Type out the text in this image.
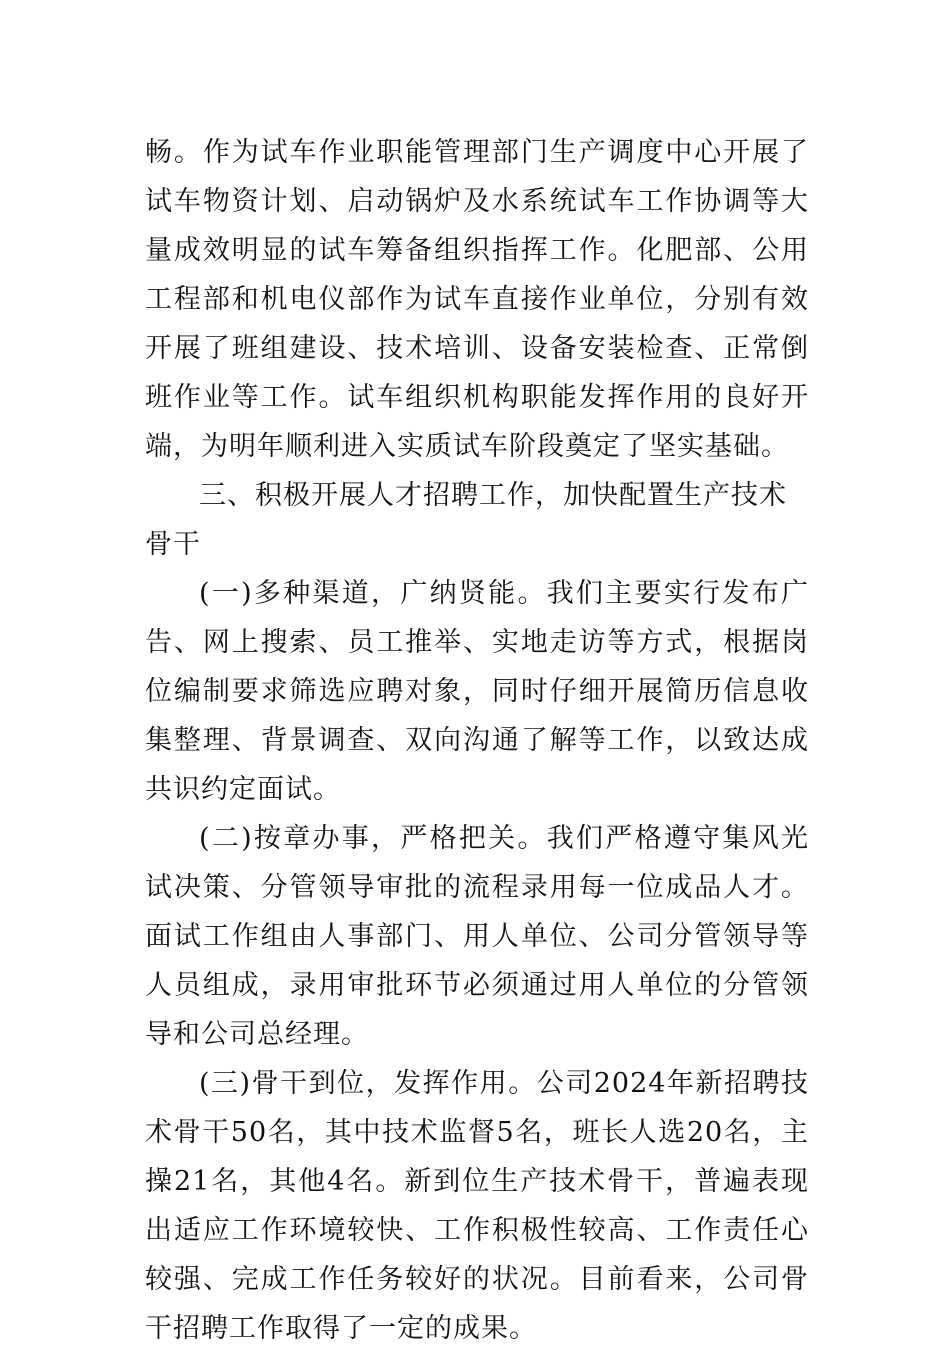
畅。作为试车作业职能管理部门生产调度中心开展了试车物资计划、启动锅炉及水系统试车工作协调等大量成效明显的试车筹备组织指挥工作。化肥部、公用工程部和机电仪部作为试车直接作业单位，分别有效开展了班组建设、技术培训、设备安装检查、正常倒班作业等工作。试车组织机构职能发挥作用的良好开端，为明年顺利进入实质试车阶段奠定了坚实基础。

三、积极开展人才招聘工作，加快配置生产技术骨干

(一)多种渠道，广纳贤能。我们主要实行发布广告、网上搜索、员工推举、实地走访等方式，根据岗位编制要求筛选应聘对象，同时仔细开展简历信息收集整理、背景调查、双向沟通了解等工作，以致达成共识约定面试。

(二)按章办事，严格把关。我们严格遵守集风光试决策、分管领导审批的流程录用每一位成品人才。面试工作组由人事部门、用人单位、公司分管领导等人员组成，录用审批环节必须通过用人单位的分管领导和公司总经理。

(三)骨干到位，发挥作用。公司2024年新招聘技术骨干50名，其中技术监督5名，班长人选20名，主操21名，其他4名。新到位生产技术骨干，普遍表现出适应工作环境较快、工作积极性较高、工作责任心较强、完成工作任务较好的状况。目前看来，公司骨干招聘工作取得了一定的成果。
